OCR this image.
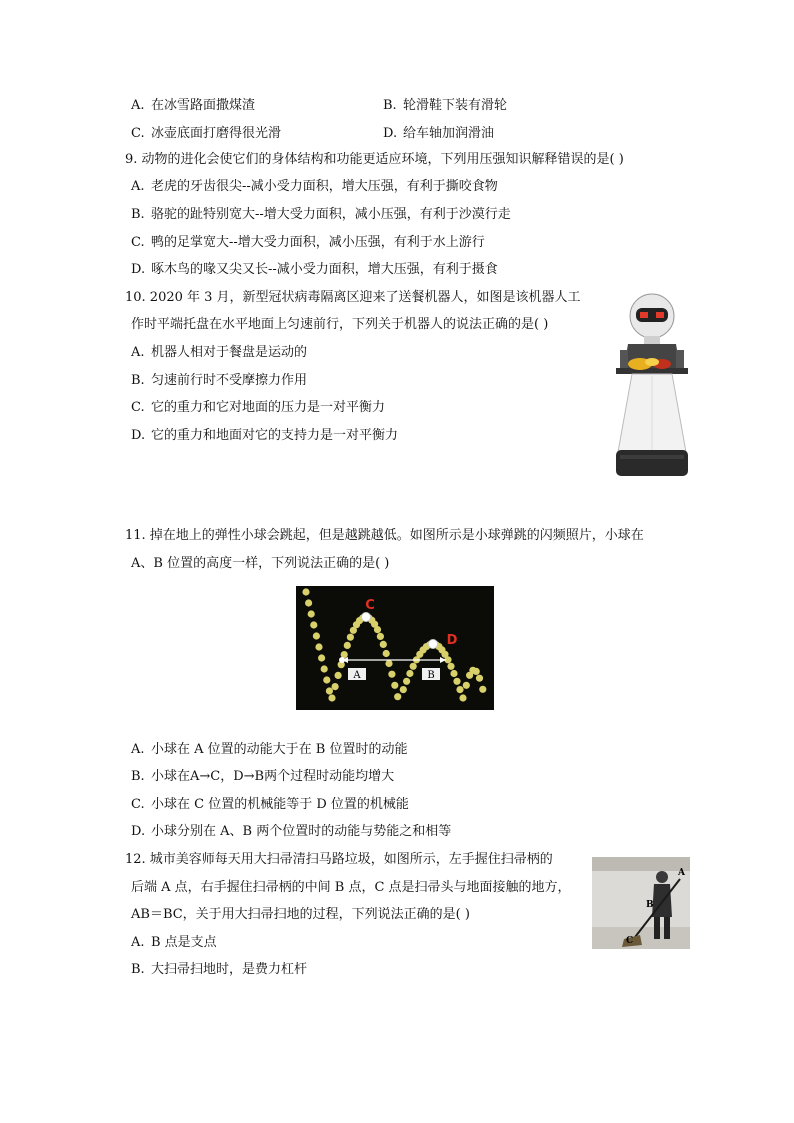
A. 在冰雪路面撒煤渣	B. 轮滑鞋下装有滑轮
C. 冰壶底面打磨得很光滑	D. 给车轴加润滑油
9. 动物的进化会使它们的身体结构和功能更适应环境，下列用压强知识解释错误的是( )
A. 老虎的牙齿很尖--减小受力面积，增大压强，有利于撕咬食物
B. 骆驼的趾特别宽大--增大受力面积，减小压强，有利于沙漠行走
C. 鸭的足掌宽大--增大受力面积，减小压强，有利于水上游行
D. 啄木鸟的喙又尖又长--减小受力面积，增大压强，有利于摄食
10. 2020 年 3 月，新型冠状病毒隔离区迎来了送餐机器人，如图是该机器人工
作时平端托盘在水平地面上匀速前行，下列关于机器人的说法正确的是( )
A. 机器人相对于餐盘是运动的
B. 匀速前行时不受摩擦力作用
C. 它的重力和它对地面的压力是一对平衡力
D. 它的重力和地面对它的支持力是一对平衡力
11. 掉在地上的弹性小球会跳起，但是越跳越低。如图所示是小球弹跳的闪频照片，小球在
A、B 位置的高度一样，下列说法正确的是( )
A	B
C
D
A. 小球在 A 位置的动能大于在 B 位置时的动能
B. 小球在A→C，D→B两个过程时动能均增大
C. 小球在 C 位置的机械能等于 D 位置的机械能
D. 小球分别在 A、B 两个位置时的动能与势能之和相等
12. 城市美容师每天用大扫帚清扫马路垃圾，如图所示，左手握住扫帚柄的
后端 A 点，右手握住扫帚柄的中间 B 点，C 点是扫帚头与地面接触的地方，
AB＝BC，关于用大扫帚扫地的过程，下列说法正确的是( )
A. B 点是支点
B. 大扫帚扫地时，是费力杠杆
A
B
C
